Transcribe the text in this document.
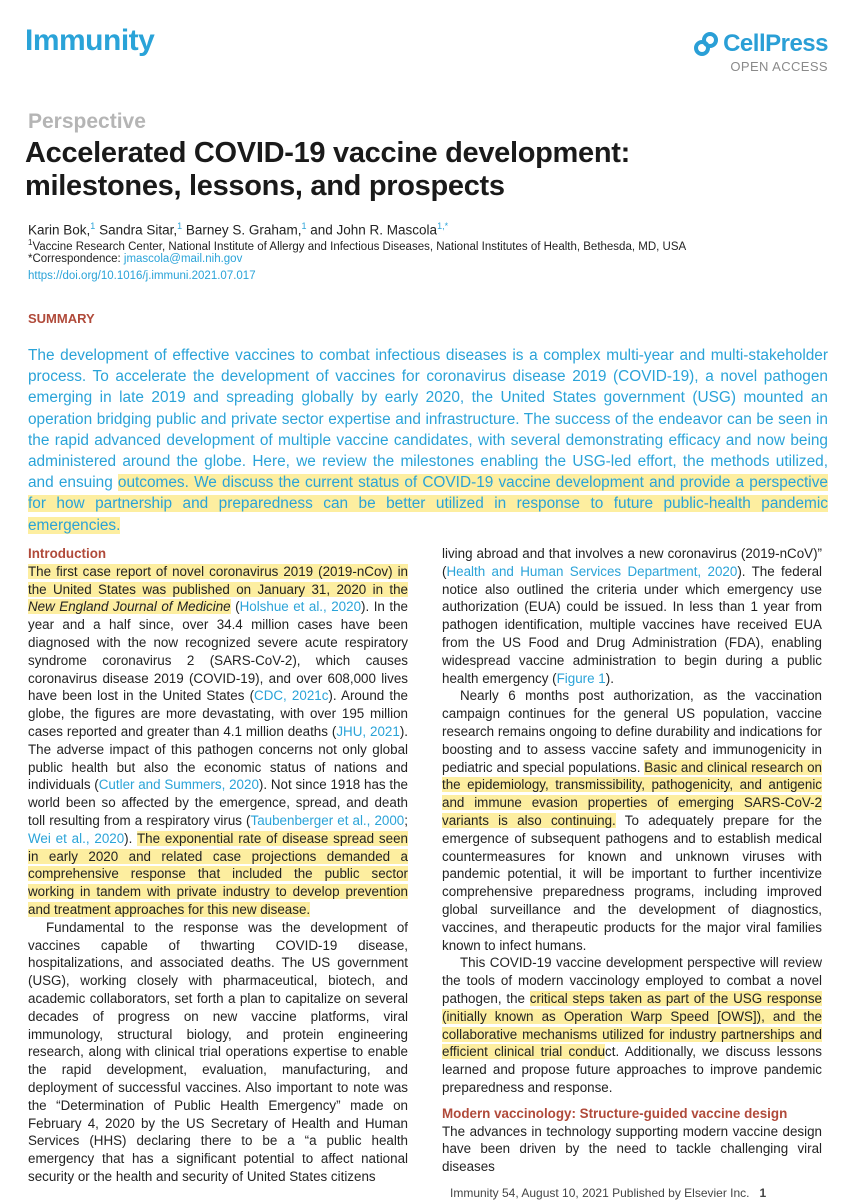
Immunity	CellPress
OPEN ACCESS
Perspective
Accelerated COVID-19 vaccine development: milestones, lessons, and prospects
Karin Bok,$^1$ Sandra Sitar,$^1$ Barney S. Graham,$^1$ and John R. Mascola$^{1,*}$
$^1$Vaccine Research Center, National Institute of Allergy and Infectious Diseases, National Institutes of Health, Bethesda, MD, USA
*Correspondence: jmascola@mail.nih.gov
https://doi.org/10.1016/j.immuni.2021.07.017
SUMMARY
The development of effective vaccines to combat infectious diseases is a complex multi-year and multi-stakeholder process. To accelerate the development of vaccines for coronavirus disease 2019 (COVID-19), a novel pathogen emerging in late 2019 and spreading globally by early 2020, the United States government (USG) mounted an operation bridging public and private sector expertise and infrastructure. The success of the endeavor can be seen in the rapid advanced development of multiple vaccine candidates, with several demonstrating efficacy and now being administered around the globe. Here, we review the milestones enabling the USG-led effort, the methods utilized, and ensuing outcomes. We discuss the current status of COVID-19 vaccine development and provide a perspective for how partnership and preparedness can be better utilized in response to future public-health pandemic emergencies.
Introduction

The first case report of novel coronavirus 2019 (2019-nCov) in the United States was published on January 31, 2020 in the New England Journal of Medicine (Holshue et al., 2020). In the year and a half since, over 34.4 million cases have been diagnosed with the now recognized severe acute respiratory syndrome coronavirus 2 (SARS-CoV-2), which causes coronavirus disease 2019 (COVID-19), and over 608,000 lives have been lost in the United States (CDC, 2021c). Around the globe, the figures are more devastating, with over 195 million cases reported and greater than 4.1 million deaths (JHU, 2021). The adverse impact of this pathogen concerns not only global public health but also the economic status of nations and individuals (Cutler and Summers, 2020). Not since 1918 has the world been so affected by the emergence, spread, and death toll resulting from a respiratory virus (Taubenberger et al., 2000; Wei et al., 2020). The exponential rate of disease spread seen in early 2020 and related case projections demanded a comprehensive response that included the public sector working in tandem with private industry to develop prevention and treatment approaches for this new disease.

Fundamental to the response was the development of vaccines capable of thwarting COVID-19 disease, hospitalizations, and associated deaths. The US government (USG), working closely with pharmaceutical, biotech, and academic collaborators, set forth a plan to capitalize on several decades of progress on new vaccine platforms, viral immunology, structural biology, and protein engineering research, along with clinical trial operations expertise to enable the rapid development, evaluation, manufacturing, and deployment of successful vaccines. Also important to note was the “Determination of Public Health Emergency” made on February 4, 2020 by the US Secretary of Health and Human Services (HHS) declaring there to be a “a public health emergency that has a significant potential to affect national security or the health and security of United States citizens

living abroad and that involves a new coronavirus (2019-nCoV)” (Health and Human Services Department, 2020). The federal notice also outlined the criteria under which emergency use authorization (EUA) could be issued. In less than 1 year from pathogen identification, multiple vaccines have received EUA from the US Food and Drug Administration (FDA), enabling widespread vaccine administration to begin during a public health emergency (Figure 1).

Nearly 6 months post authorization, as the vaccination campaign continues for the general US population, vaccine research remains ongoing to define durability and indications for boosting and to assess vaccine safety and immunogenicity in pediatric and special populations. Basic and clinical research on the epidemiology, transmissibility, pathogenicity, and antigenic and immune evasion properties of emerging SARS-CoV-2 variants is also continuing. To adequately prepare for the emergence of subsequent pathogens and to establish medical countermeasures for known and unknown viruses with pandemic potential, it will be important to further incentivize comprehensive preparedness programs, including improved global surveillance and the development of diagnostics, vaccines, and therapeutic products for the major viral families known to infect humans.

This COVID-19 vaccine development perspective will review the tools of modern vaccinology employed to combat a novel pathogen, the critical steps taken as part of the USG response (initially known as Operation Warp Speed [OWS]), and the collaborative mechanisms utilized for industry partnerships and efficient clinical trial conduct. Additionally, we discuss lessons learned and propose future approaches to improve pandemic preparedness and response.

Modern vaccinology: Structure-guided vaccine design

The advances in technology supporting modern vaccine design have been driven by the need to tackle challenging viral diseases

Immunity 54, August 10, 2021 Published by Elsevier Inc. 1
